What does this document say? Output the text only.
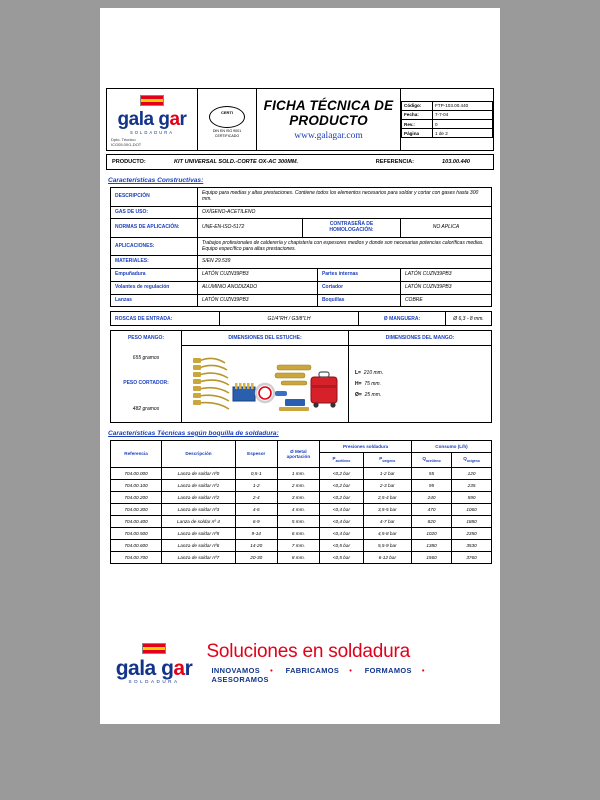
gala gar
SOLDADURA
Dpto. Técnico
ICG05.00/1-DOT
	CERTI
DIN EN ISO 9001
CERTIFICADO

FICHA TÉCNICA DE PRODUCTO
www.galagar.com

Código:	FTP-103.00.440
Fecha:	7-7-04
Rev.:	0
Página	1 de 2
PRODUCTO:	KIT UNIVERSAL SOLD.-CORTE OX-AC 300MM.	REFERENCIA:	103.00.440
Características Constructivas:
DESCRIPCIÓN	Equipo para medias y altas prestaciones. Contiene todos los elementos necesarios para soldar y cortar con gases hasta 300 mm.			
GAS DE USO:	OXÍGENO-ACETILENO			
NORMAS DE APLICACIÓN:	UNE-EN-ISO-5172	CONTRASEÑA DE HOMOLOGACIÓN:		NO APLICA
APLICACIONES:	Trabajos profesionales de calderería y chapistería con espesores medios y donde son necesarias potencias caloríficas medias. Equipo específico para altas prestaciones.			
MATERIALES:	S/EN 29.539			
Empuñadura	LATÓN CUZN39PB3		Partes internas	LATÓN CUZN39PB3
Volantes de regulación	ALUMINIO ANODIZADO		Cortador	LATÓN CUZN39PB3
Lanzas	LATÓN CUZN39PB3		Boquillas	COBRE
ROSCAS DE ENTRADA:	G1/4"RH / G3/8"LH	Ø MANGUERA:	Ø 6,3 - 8 mm.
PESO MANGO:	DIMENSIONES DEL ESTUCHE:	DIMENSIONES DEL MANGO:
655 gramos		L= 210 mm.
H= 75 mm.
Ø= 25 mm.

PESO CORTADOR:		
482 gramos		
Características Técnicas según boquilla de soldadura:
Referencia	Descripción	Espesor	Ø Metal aportación	Presiones soldadura		Consumo (L/h)	
				$P_{acetileno}$	$P_{oxígeno}$	$Q_{acetileno}$	$Q_{oxígeno}$
704.00.000	Lanza de soldar nº0	0,5-1	1 mm.	<0,2 bar	1-2 bar	55	120
704.00.100	Lanza de soldar nº1	1-2	2 mm.	<0,2 bar	2-3 bar	95	235
704.00.200	Lanza de soldar nº2	2-4	3 mm.	<0,2 bar	2,5-4 bar	240	590
704.00.300	Lanza de soldar nº3	4-6	4 mm.	<0,4 bar	3,5-5 bar	470	1060
704.00.400	Lanza de soldar nº 4	6-9	5 mm.	<0,4 bar	4-7 bar	820	1880
704.00.500	Lanza de soldar nº5	9-14	6 mm.	<0,4 bar	4,5-8 bar	1020	2350
704.00.600	Lanza de soldar nº6	14-20	7 mm.	<0,5 bar	5,5-9 bar	1380	3530
704.00.700	Lanza de soldar nº7	20-30	8 mm.	<0,5 bar	6-12 bar	1560	3760
gala gar
SOLDADURA

Soluciones en soldadura
INNOVAMOS • FABRICAMOS • FORMAMOS • ASESORAMOS
